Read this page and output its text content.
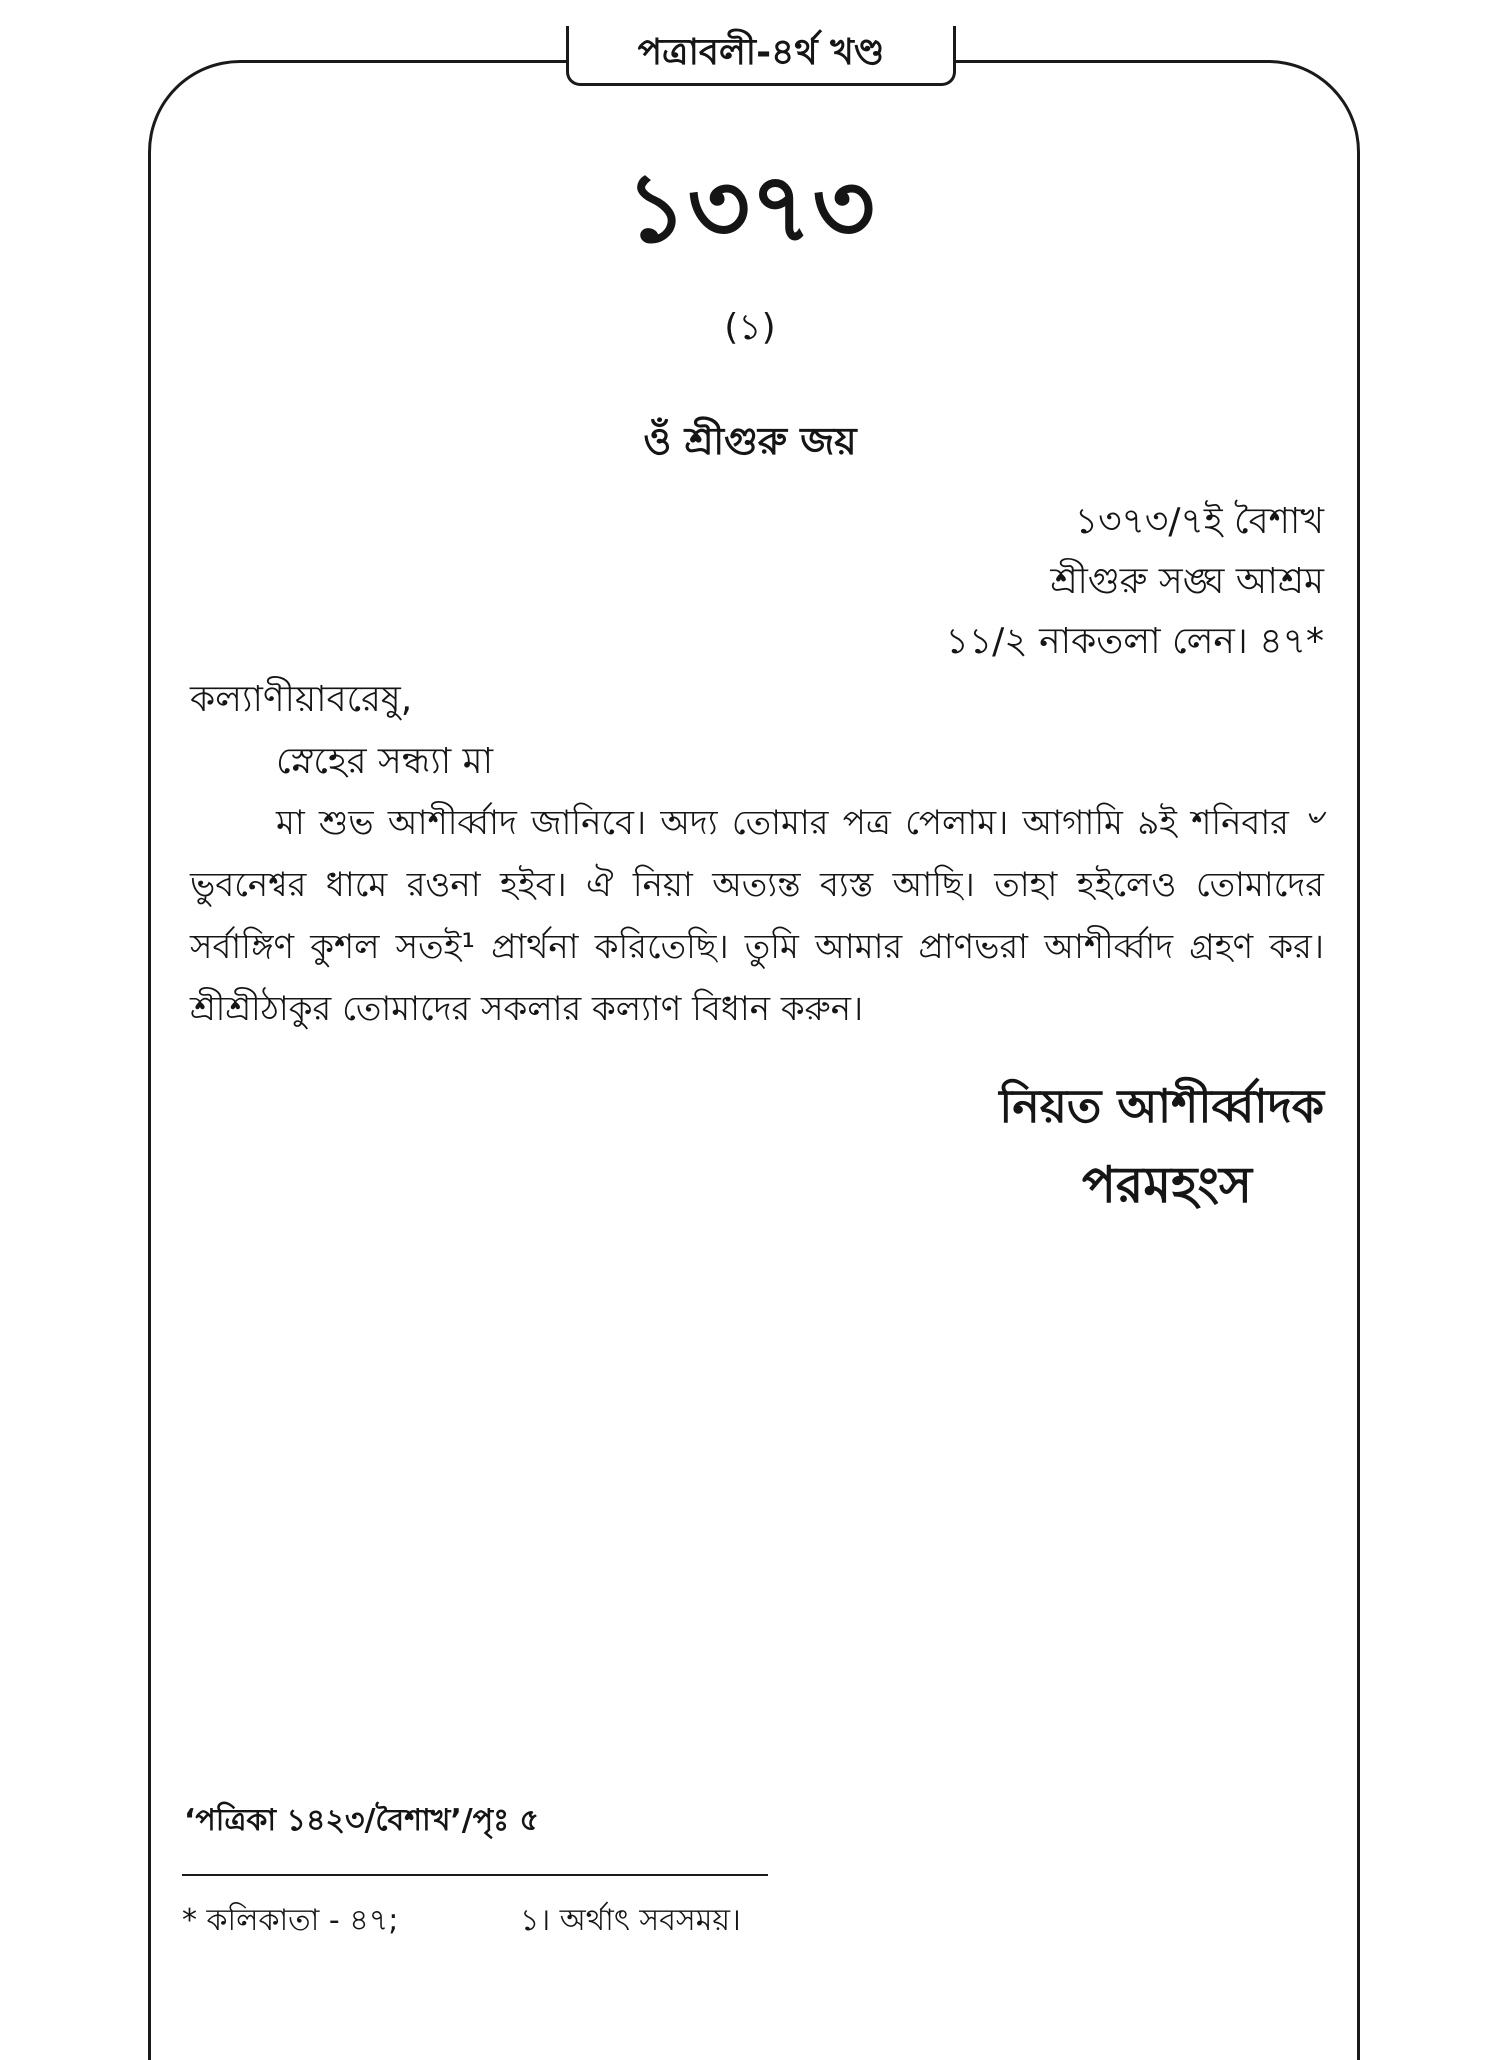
পত্রাবলী-৪র্থ খণ্ড
১৩৭৩
(১)
ওঁ শ্রীগুরু জয়
১৩৭৩/৭ই বৈশাখ
শ্রীগুরু সঙ্ঘ আশ্রম
১১/২ নাকতলা লেন। ৪৭*
কল্যাণীয়াবরেষু,
স্নেহের সন্ধ্যা মা
মা শুভ আশীর্ব্বাদ জানিবে। অদ্য তোমার পত্র পেলাম। আগামি ৯ই শনিবার ৺ ভুবনেশ্বর ধামে রওনা হইব। ঐ নিয়া অত্যন্ত ব্যস্ত আছি। তাহা হইলেও তোমাদের সর্বাঙ্গিণ কুশল সতই¹ প্রার্থনা করিতেছি। তুমি আমার প্রাণভরা আশীর্ব্বাদ গ্রহণ কর। শ্রীশ্রীঠাকুর তোমাদের সকলার কল্যাণ বিধান করুন।
নিয়ত আশীর্ব্বাদক
পরমহংস
‘পত্রিকা ১৪২৩/বৈশাখ’/পৃঃ ৫
* কলিকাতা - ৪৭;	১। অর্থাৎ সবসময়।
